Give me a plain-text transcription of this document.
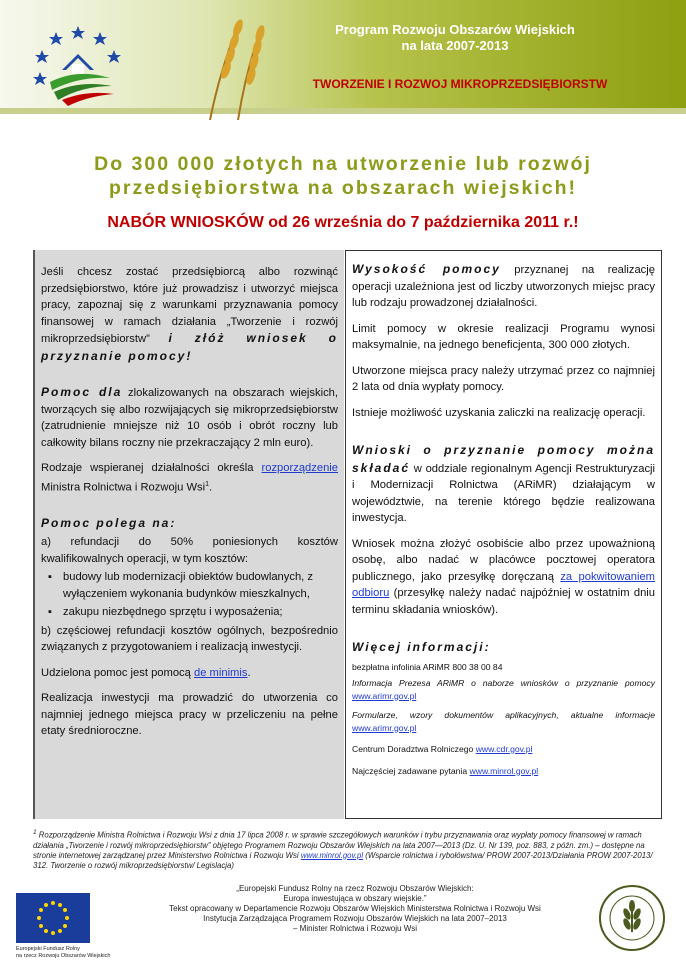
Program Rozwoju Obszarów Wiejskich
na lata 2007-2013
TWORZENIE I ROZWOJ MIKROPRZEDSIĘBIORSTW
Do 300 000 złotych na utworzenie lub rozwój
przedsiębiorstwa na obszarach wiejskich!
NABÓR WNIOSKÓW od 26 września do 7 października 2011 r.!

Jeśli chcesz zostać przedsiębiorcą albo rozwinąć przedsiębiorstwo, które już prowadzisz i utworzyć miejsca pracy, zapoznaj się z warunkami przyznawania pomocy finansowej w ramach działania „Tworzenie i rozwój mikroprzedsiębiorstw” i złóż wniosek o przyznanie pomocy!

Pomoc dla zlokalizowanych na obszarach wiejskich, tworzących się albo rozwijających się mikroprzedsiębiorstw (zatrudnienie mniejsze niż 10 osób i obrót roczny lub całkowity bilans roczny nie przekraczający 2 mln euro).

Rodzaje wspieranej działalności określa rozporządzenie Ministra Rolnictwa i Rozwoju Wsi$^1$.

Pomoc polega na:

a) refundacji do 50% poniesionych kosztów kwalifikowalnych operacji, w tym kosztów:

▪ budowy lub modernizacji obiektów budowlanych, z wyłączeniem wykonania budynków mieszkalnych,
▪ zakupu niezbędnego sprzętu i wyposażenia;

b) częściowej refundacji kosztów ogólnych, bezpośrednio związanych z przygotowaniem i realizacją inwestycji.

Udzielona pomoc jest pomocą de minimis.

Realizacja inwestycji ma prowadzić do utworzenia co najmniej jednego miejsca pracy w przeliczeniu na pełne etaty średnioroczne.

Wysokość pomocy przyznanej na realizację operacji uzależniona jest od liczby utworzonych miejsc pracy lub rodzaju prowadzonej działalności.

Limit pomocy w okresie realizacji Programu wynosi maksymalnie, na jednego beneficjenta, 300 000 złotych.

Utworzone miejsca pracy należy utrzymać przez co najmniej 2 lata od dnia wypłaty pomocy.

Istnieje możliwość uzyskania zaliczki na realizację operacji.

Wnioski o przyznanie pomocy można składać w oddziale regionalnym Agencji Restrukturyzacji i Modernizacji Rolnictwa (ARiMR) działającym w województwie, na terenie którego będzie realizowana inwestycja.

Wniosek można złożyć osobiście albo przez upoważnioną osobę, albo nadać w placówce pocztowej operatora publicznego, jako przesyłkę doręczaną za pokwitowaniem odbioru (przesyłkę należy nadać najpóźniej w ostatnim dniu terminu składania wniosków).

Więcej informacji:

bezpłatna infolinia ARiMR 800 38 00 84

Informacja Prezesa ARiMR o naborze wniosków o przyznanie pomocy www.arimr.gov.pl

Formularze, wzory dokumentów aplikacyjnych, aktualne informacje www.arimr.gov.pl

Centrum Doradztwa Rolniczego www.cdr.gov.pl

Najczęściej zadawane pytania www.minrol.gov.pl

$^1$ Rozporządzenie Ministra Rolnictwa i Rozwoju Wsi z dnia 17 lipca 2008 r. w sprawie szczegółowych warunków i trybu przyznawania oraz wypłaty pomocy finansowej w ramach działania „Tworzenie i rozwój mikroprzedsiębiorstw” objętego Programem Rozwoju Obszarów Wiejskich na lata 2007—2013 (Dz. U. Nr 139, poz. 883, z późn. zm.) – dostępne na stronie internetowej zarządzanej przez Ministerstwo Rolnictwa i Rozwoju Wsi www.minrol.gov.pl (Wsparcie rolnictwa i rybołówstwa/ PROW 2007-2013/Działania PROW 2007-2013/ 312. Tworzenie o rozwój mikroprzedsiębiorstw/ Legislacja)
Europejski Fundusz Rolny
na rzecz Rozwoju Obszarów Wiejskich
„Europejski Fundusz Rolny na rzecz Rozwoju Obszarów Wiejskich:
Europa inwestująca w obszary wiejskie.”
Tekst opracowany w Departamencie Rozwoju Obszarów Wiejskich Ministerstwa Rolnictwa i Rozwoju Wsi
Instytucja Zarządzająca Programem Rozwoju Obszarów Wiejskich na lata 2007–2013
– Minister Rolnictwa i Rozwoju Wsi
